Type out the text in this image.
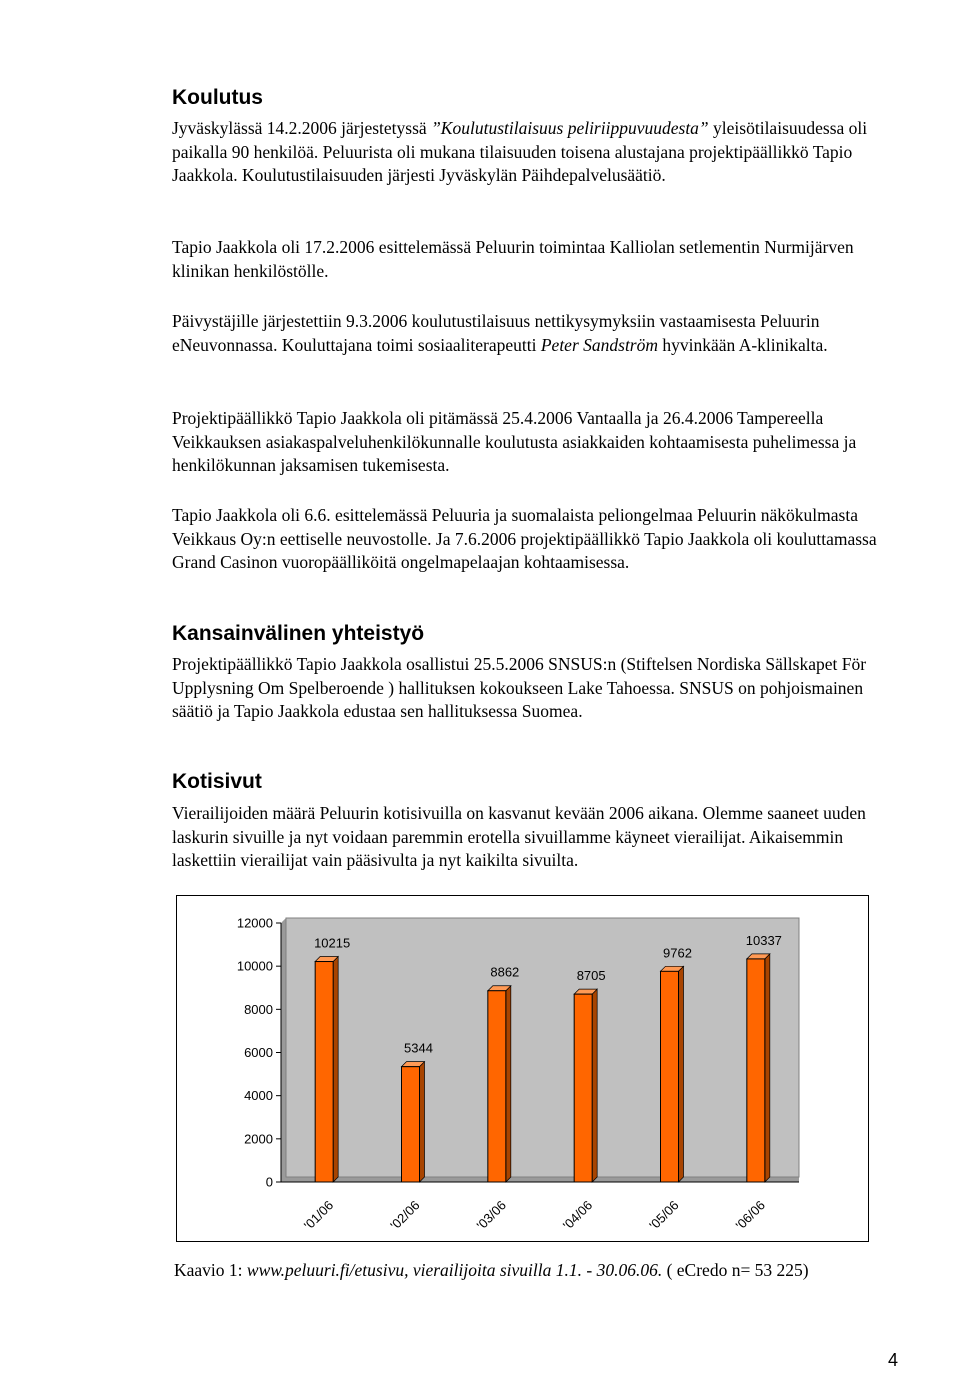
Koulutus
Jyväskylässä 14.2.2006 järjestetyssä ”Koulutustilaisuus peliriippuvuudesta” yleisötilaisuudessa oli paikalla 90 henkilöä. Peluurista oli mukana tilaisuuden toisena alustajana projektipäällikkö Tapio Jaakkola. Koulutustilaisuuden järjesti Jyväskylän Päihdepalvelusäätiö.
Tapio Jaakkola oli 17.2.2006 esittelemässä Peluurin toimintaa Kalliolan setlementin Nurmijärven klinikan henkilöstölle.
Päivystäjille järjestettiin 9.3.2006 koulutustilaisuus nettikysymyksiin vastaamisesta Peluurin eNeuvonnassa. Kouluttajana toimi sosiaaliterapeutti Peter Sandström hyvinkään A-klinikalta.
Projektipäällikkö Tapio Jaakkola oli pitämässä 25.4.2006 Vantaalla ja 26.4.2006 Tampereella Veikkauksen asiakaspalveluhenkilökunnalle koulutusta asiakkaiden kohtaamisesta puhelimessa ja henkilökunnan jaksamisen tukemisesta.
Tapio Jaakkola oli 6.6. esittelemässä Peluuria ja suomalaista peliongelmaa Peluurin näkökulmasta Veikkaus Oy:n eettiselle neuvostolle. Ja 7.6.2006 projektipäällikkö Tapio Jaakkola oli kouluttamassa Grand Casinon vuoropäälliköitä ongelmapelaajan kohtaamisessa.
Kansainvälinen yhteistyö
Projektipäällikkö Tapio Jaakkola osallistui 25.5.2006 SNSUS:n (Stiftelsen Nordiska Sällskapet För Upplysning Om Spelberoende ) hallituksen kokoukseen Lake Tahoessa. SNSUS on pohjoismainen säätiö ja Tapio Jaakkola edustaa sen hallituksessa Suomea.
Kotisivut
Vierailijoiden määrä Peluurin kotisivuilla on kasvanut kevään 2006 aikana. Olemme saaneet uuden laskurin sivuille ja nyt voidaan paremmin erotella sivuillamme käyneet vierailijat. Aikaisemmin laskettiin vierailijat vain pääsivulta ja nyt kaikilta sivuilta.
0
2000
4000
6000
8000
10000
12000
10215
'01/06
5344
'02/06
8862
'03/06
8705
'04/06
9762
'05/06
10337
'06/06
Kaavio 1: www.peluuri.fi/etusivu, vierailijoita sivuilla 1.1. - 30.06.06. ( eCredo n= 53 225)
4
